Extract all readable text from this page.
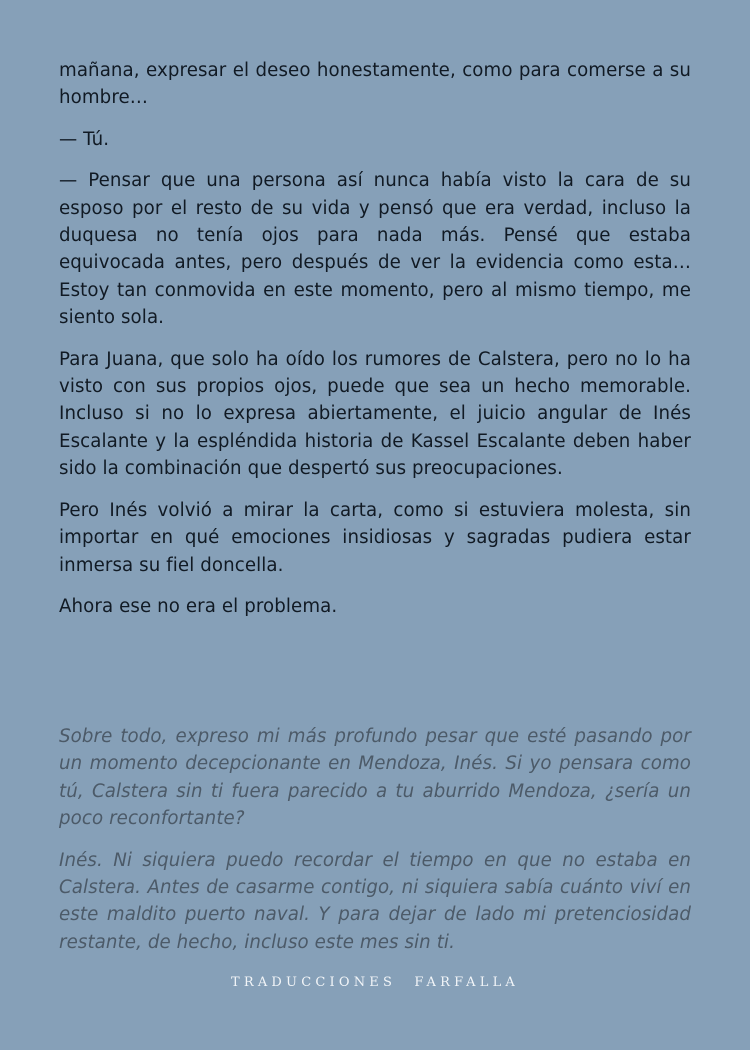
mañana, expresar el deseo honestamente, como para comerse a su hombre…

— Tú.

— Pensar que una persona así nunca había visto la cara de su esposo por el resto de su vida y pensó que era verdad, incluso la duquesa no tenía ojos para nada más. Pensé que estaba equivocada antes, pero después de ver la evidencia como esta… Estoy tan conmovida en este momento, pero al mismo tiempo, me siento sola.

Para Juana, que solo ha oído los rumores de Calstera, pero no lo ha visto con sus propios ojos, puede que sea un hecho memorable. Incluso si no lo expresa abiertamente, el juicio angular de Inés Escalante y la espléndida historia de Kassel Escalante deben haber sido la combinación que despertó sus preocupaciones.

Pero Inés volvió a mirar la carta, como si estuviera molesta, sin importar en qué emociones insidiosas y sagradas pudiera estar inmersa su fiel doncella.

Ahora ese no era el problema.

Sobre todo, expreso mi más profundo pesar que esté pasando por un momento decepcionante en Mendoza, Inés. Si yo pensara como tú, Calstera sin ti fuera parecido a tu aburrido Mendoza, ¿sería un poco reconfortante?

Inés. Ni siquiera puedo recordar el tiempo en que no estaba en Calstera. Antes de casarme contigo, ni siquiera sabía cuánto viví en este maldito puerto naval. Y para dejar de lado mi pretenciosidad restante, de hecho, incluso este mes sin ti.

TRADUCCIONES FARFALLA
